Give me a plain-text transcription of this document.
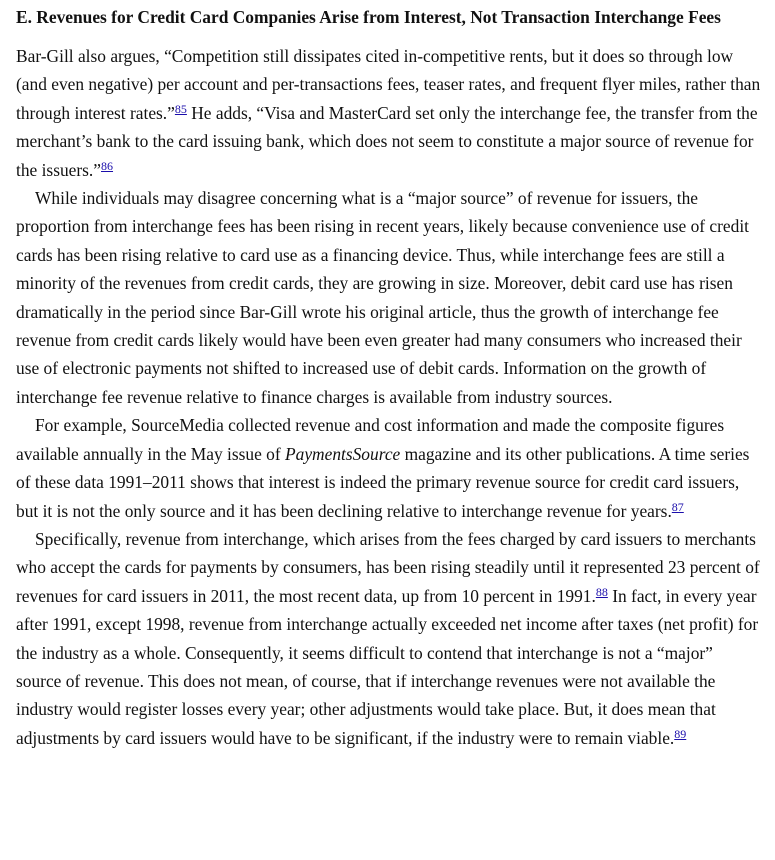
E. Revenues for Credit Card Companies Arise from Interest, Not Transaction Interchange Fees

Bar-Gill also argues, “Competition still dissipates cited in-competitive rents, but it does so through low (and even negative) per account and per-transactions fees, teaser rates, and frequent flyer miles, rather than through interest rates.”$^{85}$ He adds, “Visa and MasterCard set only the interchange fee, the transfer from the merchant’s bank to the card issuing bank, which does not seem to constitute a major source of revenue for the issuers.”$^{86}$

While individuals may disagree concerning what is a “major source” of revenue for issuers, the proportion from interchange fees has been rising in recent years, likely because convenience use of credit cards has been rising relative to card use as a financing device. Thus, while interchange fees are still a minority of the revenues from credit cards, they are growing in size. Moreover, debit card use has risen dramatically in the period since Bar-Gill wrote his original article, thus the growth of interchange fee revenue from credit cards likely would have been even greater had many consumers who increased their use of electronic payments not shifted to increased use of debit cards. Information on the growth of interchange fee revenue relative to finance charges is available from industry sources.

For example, SourceMedia collected revenue and cost information and made the composite figures available annually in the May issue of PaymentsSource magazine and its other publications. A time series of these data 1991–2011 shows that interest is indeed the primary revenue source for credit card issuers, but it is not the only source and it has been declining relative to interchange revenue for years.$^{87}$

Specifically, revenue from interchange, which arises from the fees charged by card issuers to merchants who accept the cards for payments by consumers, has been rising steadily until it represented 23 percent of revenues for card issuers in 2011, the most recent data, up from 10 percent in 1991.88 In fact, in every year after 1991, except 1998, revenue from interchange actually exceeded net income after taxes (net profit) for the industry as a whole. Consequently, it seems difficult to contend that interchange is not a “major” source of revenue. This does not mean, of course, that if interchange revenues were not available the industry would register losses every year; other adjustments would take place. But, it does mean that adjustments by card issuers would have to be significant, if the industry were to remain viable.$^{89}$
